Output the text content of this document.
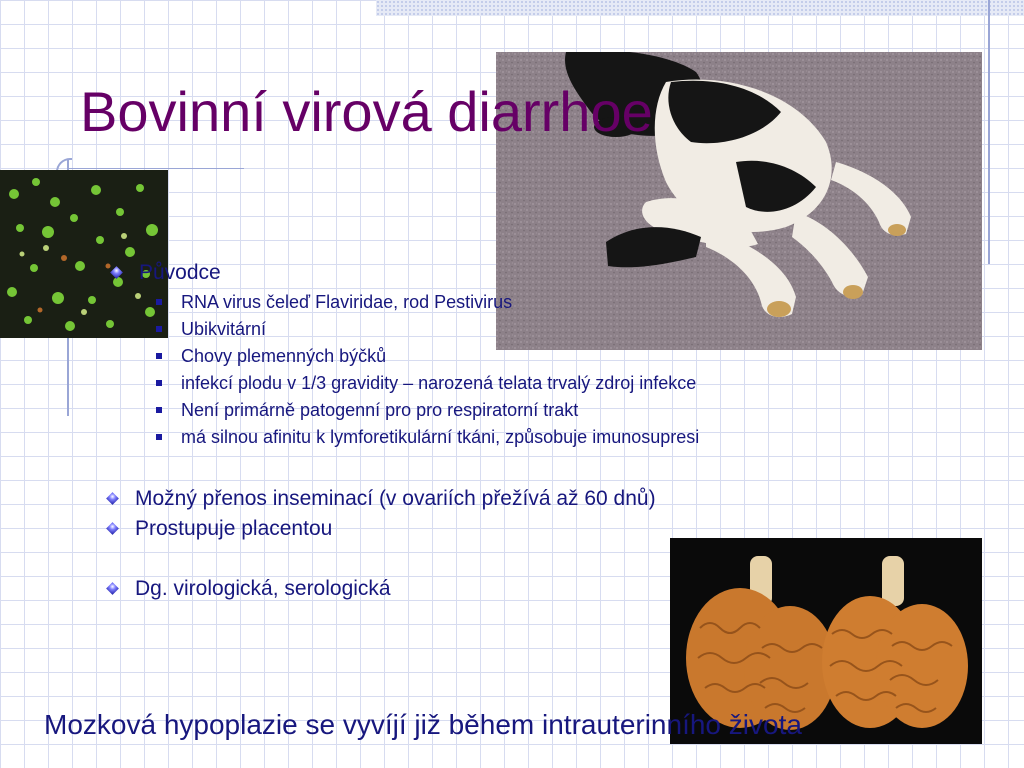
Bovinní virová diarrhoe
Původce
RNA virus čeleď Flaviridae, rod Pestivirus
Ubikvitární
Chovy plemenných býčků
infekcí plodu v 1/3 gravidity – narozená telata trvalý zdroj infekce
Není primárně patogenní pro pro respiratorní trakt
má silnou afinitu k lymforetikulární tkáni, způsobuje imunosupresi
Možný přenos inseminací (v ovariích přežívá až 60 dnů)
Prostupuje placentou
Dg. virologická, serologická

Mozková hypoplazie se vyvíjí již během intrauterinního života
